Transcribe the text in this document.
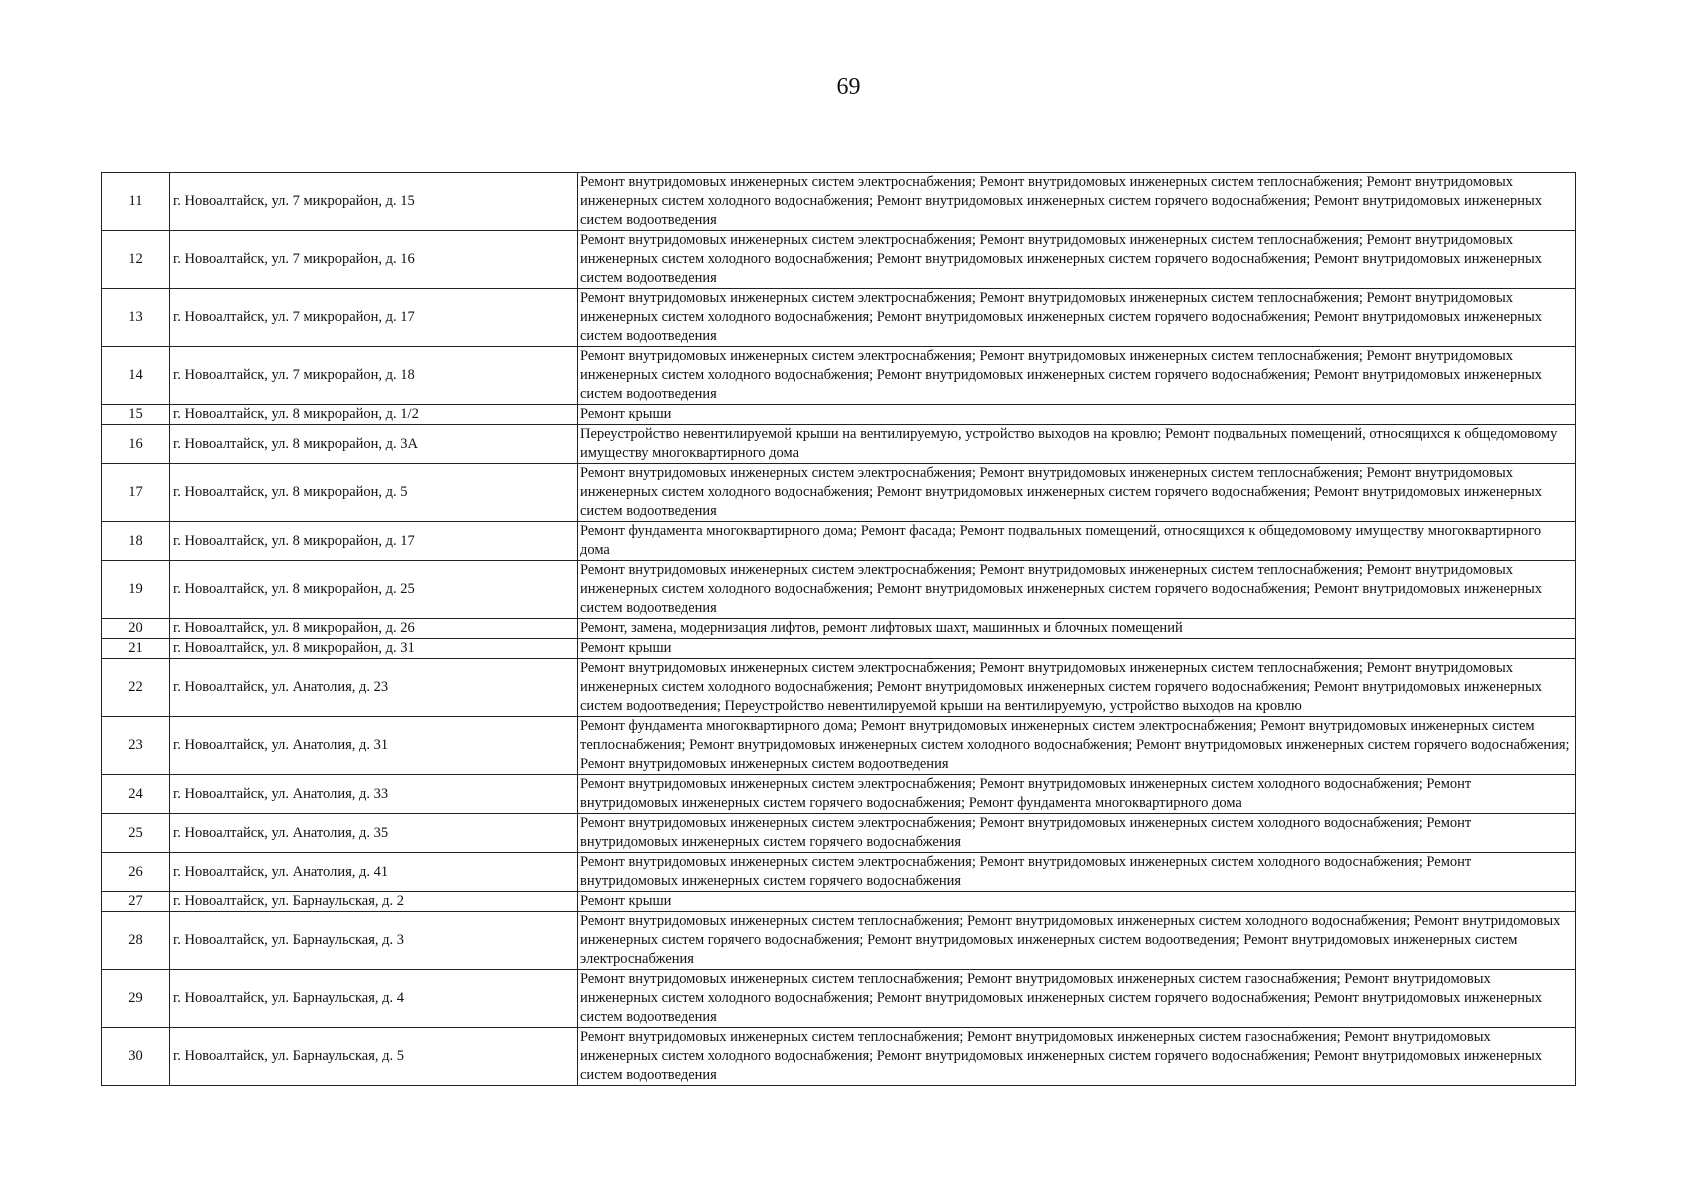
69
11	г. Новоалтайск, ул. 7 микрорайон, д. 15	Ремонт внутридомовых инженерных систем электроснабжения; Ремонт внутридомовых инженерных систем теплоснабжения; Ремонт внутридомовых инженерных систем холодного водоснабжения; Ремонт внутридомовых инженерных систем горячего водоснабжения; Ремонт внутридомовых инженерных систем водоотведения
12	г. Новоалтайск, ул. 7 микрорайон, д. 16	Ремонт внутридомовых инженерных систем электроснабжения; Ремонт внутридомовых инженерных систем теплоснабжения; Ремонт внутридомовых инженерных систем холодного водоснабжения; Ремонт внутридомовых инженерных систем горячего водоснабжения; Ремонт внутридомовых инженерных систем водоотведения
13	г. Новоалтайск, ул. 7 микрорайон, д. 17	Ремонт внутридомовых инженерных систем электроснабжения; Ремонт внутридомовых инженерных систем теплоснабжения; Ремонт внутридомовых инженерных систем холодного водоснабжения; Ремонт внутридомовых инженерных систем горячего водоснабжения; Ремонт внутридомовых инженерных систем водоотведения
14	г. Новоалтайск, ул. 7 микрорайон, д. 18	Ремонт внутридомовых инженерных систем электроснабжения; Ремонт внутридомовых инженерных систем теплоснабжения; Ремонт внутридомовых инженерных систем холодного водоснабжения; Ремонт внутридомовых инженерных систем горячего водоснабжения; Ремонт внутридомовых инженерных систем водоотведения
15	г. Новоалтайск, ул. 8 микрорайон, д. 1/2	Ремонт крыши
16	г. Новоалтайск, ул. 8 микрорайон, д. 3А	Переустройство невентилируемой крыши на вентилируемую, устройство выходов на кровлю; Ремонт подвальных помещений, относящихся к общедомовому имуществу многоквартирного дома
17	г. Новоалтайск, ул. 8 микрорайон, д. 5	Ремонт внутридомовых инженерных систем электроснабжения; Ремонт внутридомовых инженерных систем теплоснабжения; Ремонт внутридомовых инженерных систем холодного водоснабжения; Ремонт внутридомовых инженерных систем горячего водоснабжения; Ремонт внутридомовых инженерных систем водоотведения
18	г. Новоалтайск, ул. 8 микрорайон, д. 17	Ремонт фундамента многоквартирного дома; Ремонт фасада; Ремонт подвальных помещений, относящихся к общедомовому имуществу многоквартирного дома
19	г. Новоалтайск, ул. 8 микрорайон, д. 25	Ремонт внутридомовых инженерных систем электроснабжения; Ремонт внутридомовых инженерных систем теплоснабжения; Ремонт внутридомовых инженерных систем холодного водоснабжения; Ремонт внутридомовых инженерных систем горячего водоснабжения; Ремонт внутридомовых инженерных систем водоотведения
20	г. Новоалтайск, ул. 8 микрорайон, д. 26	Ремонт, замена, модернизация лифтов, ремонт лифтовых шахт, машинных и блочных помещений
21	г. Новоалтайск, ул. 8 микрорайон, д. 31	Ремонт крыши
22	г. Новоалтайск, ул. Анатолия, д. 23	Ремонт внутридомовых инженерных систем электроснабжения; Ремонт внутридомовых инженерных систем теплоснабжения; Ремонт внутридомовых инженерных систем холодного водоснабжения; Ремонт внутридомовых инженерных систем горячего водоснабжения; Ремонт внутридомовых инженерных систем водоотведения; Переустройство невентилируемой крыши на вентилируемую, устройство выходов на кровлю
23	г. Новоалтайск, ул. Анатолия, д. 31	Ремонт фундамента многоквартирного дома; Ремонт внутридомовых инженерных систем электроснабжения; Ремонт внутридомовых инженерных систем теплоснабжения; Ремонт внутридомовых инженерных систем холодного водоснабжения; Ремонт внутридомовых инженерных систем горячего водоснабжения; Ремонт внутридомовых инженерных систем водоотведения
24	г. Новоалтайск, ул. Анатолия, д. 33	Ремонт внутридомовых инженерных систем электроснабжения; Ремонт внутридомовых инженерных систем холодного водоснабжения; Ремонт внутридомовых инженерных систем горячего водоснабжения; Ремонт фундамента многоквартирного дома
25	г. Новоалтайск, ул. Анатолия, д. 35	Ремонт внутридомовых инженерных систем электроснабжения; Ремонт внутридомовых инженерных систем холодного водоснабжения; Ремонт внутридомовых инженерных систем горячего водоснабжения
26	г. Новоалтайск, ул. Анатолия, д. 41	Ремонт внутридомовых инженерных систем электроснабжения; Ремонт внутридомовых инженерных систем холодного водоснабжения; Ремонт внутридомовых инженерных систем горячего водоснабжения
27	г. Новоалтайск, ул. Барнаульская, д. 2	Ремонт крыши
28	г. Новоалтайск, ул. Барнаульская, д. 3	Ремонт внутридомовых инженерных систем теплоснабжения; Ремонт внутридомовых инженерных систем холодного водоснабжения; Ремонт внутридомовых инженерных систем горячего водоснабжения; Ремонт внутридомовых инженерных систем водоотведения; Ремонт внутридомовых инженерных систем электроснабжения
29	г. Новоалтайск, ул. Барнаульская, д. 4	Ремонт внутридомовых инженерных систем теплоснабжения; Ремонт внутридомовых инженерных систем газоснабжения; Ремонт внутридомовых инженерных систем холодного водоснабжения; Ремонт внутридомовых инженерных систем горячего водоснабжения; Ремонт внутридомовых инженерных систем водоотведения
30	г. Новоалтайск, ул. Барнаульская, д. 5	Ремонт внутридомовых инженерных систем теплоснабжения; Ремонт внутридомовых инженерных систем газоснабжения; Ремонт внутридомовых инженерных систем холодного водоснабжения; Ремонт внутридомовых инженерных систем горячего водоснабжения; Ремонт внутридомовых инженерных систем водоотведения
